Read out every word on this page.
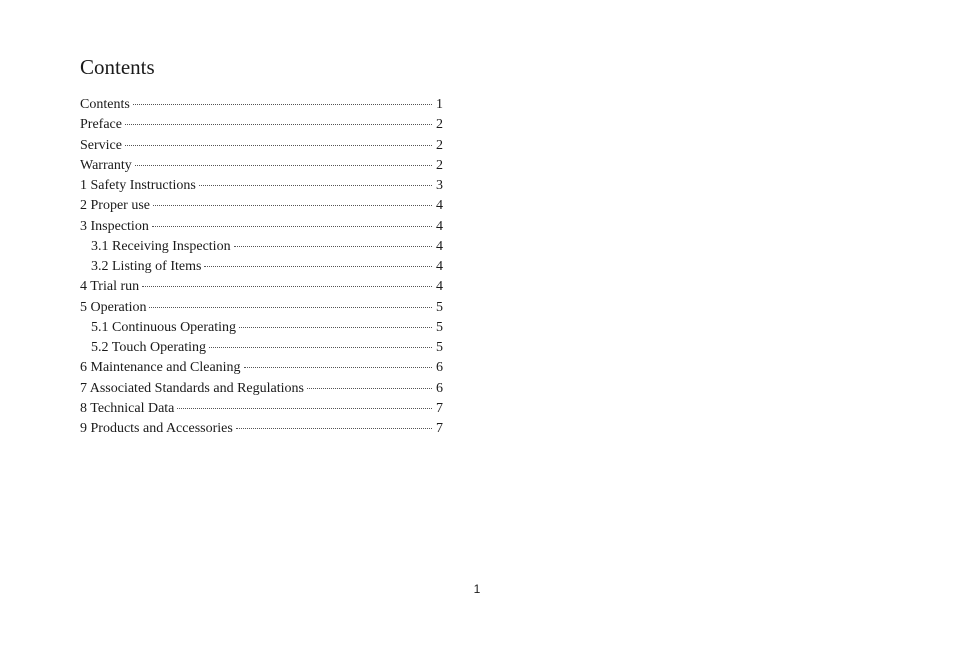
Contents
Contents	1
Preface	2
Service	2
Warranty	2
1 Safety Instructions	3
2 Proper use	4
3 Inspection	4
3.1 Receiving Inspection	4
3.2 Listing of Items	4
4 Trial run	4
5 Operation	5
5.1 Continuous Operating	5
5.2 Touch Operating	5
6 Maintenance and Cleaning	6
7 Associated Standards and Regulations	6
8 Technical Data	7
9 Products and Accessories	7
1
